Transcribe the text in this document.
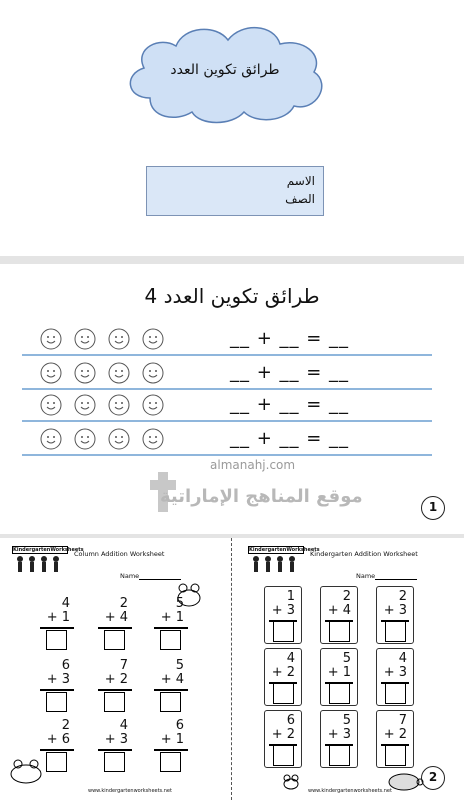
طرائق تكوين العدد
الاسم
الصف
طرائق تكوين العدد 4
__ + __ = __
__ + __ = __
__ + __ = __
__ + __ = __
almanahj.com
موقع المناهج الإماراتية	1
KindergartenWorksheets
Column Addition Worksheet
Name
4
+ 1
2
+ 4
5
+ 1
6
+ 3
7
+ 2
5
+ 4
2
+ 6
4
+ 3
6
+ 1
www.kindergartenworksheets.net
KindergartenWorksheets
Kindergarten Addition Worksheet
Name
1
+ 3
2
+ 4
2
+ 3
4
+ 2
5
+ 1
4
+ 3
6
+ 2
5
+ 3
7
+ 2
www.kindergartenworksheets.net
2
